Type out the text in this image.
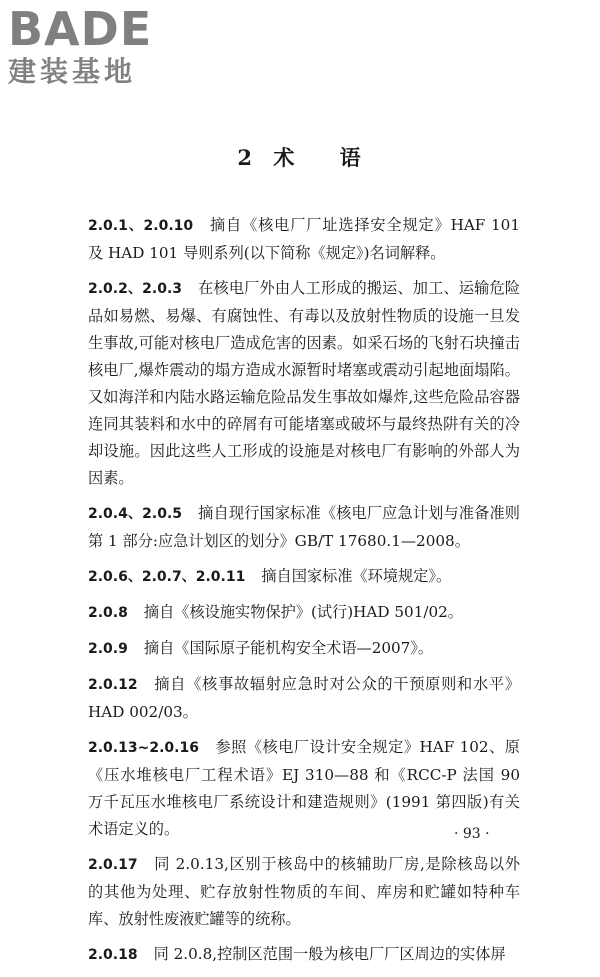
BADE
建装基地
2 术 语

2.0.1、2.0.10 摘自《核电厂厂址选择安全规定》HAF 101 及 HAD 101 导则系列(以下简称《规定》)名词解释。

2.0.2、2.0.3 在核电厂外由人工形成的搬运、加工、运输危险品如易燃、易爆、有腐蚀性、有毒以及放射性物质的设施一旦发生事故,可能对核电厂造成危害的因素。如采石场的飞射石块撞击核电厂,爆炸震动的塌方造成水源暂时堵塞或震动引起地面塌陷。又如海洋和内陆水路运输危险品发生事故如爆炸,这些危险品容器连同其装料和水中的碎屑有可能堵塞或破坏与最终热阱有关的冷却设施。因此这些人工形成的设施是对核电厂有影响的外部人为因素。

2.0.4、2.0.5 摘自现行国家标准《核电厂应急计划与准备准则第 1 部分:应急计划区的划分》GB/T 17680.1—2008。

2.0.6、2.0.7、2.0.11 摘自国家标准《环境规定》。

2.0.8 摘自《核设施实物保护》(试行)HAD 501/02。

2.0.9 摘自《国际原子能机构安全术语—2007》。

2.0.12 摘自《核事故辐射应急时对公众的干预原则和水平》HAD 002/03。

2.0.13~2.0.16 参照《核电厂设计安全规定》HAF 102、原《压水堆核电厂工程术语》EJ 310—88 和《RCC-P 法国 90 万千瓦压水堆核电厂系统设计和建造规则》(1991 第四版)有关术语定义的。

2.0.17 同 2.0.13,区别于核岛中的核辅助厂房,是除核岛以外的其他为处理、贮存放射性物质的车间、库房和贮罐如特种车库、放射性废液贮罐等的统称。

2.0.18 同 2.0.8,控制区范围一般为核电厂厂区周边的实体屏

· 93 ·
